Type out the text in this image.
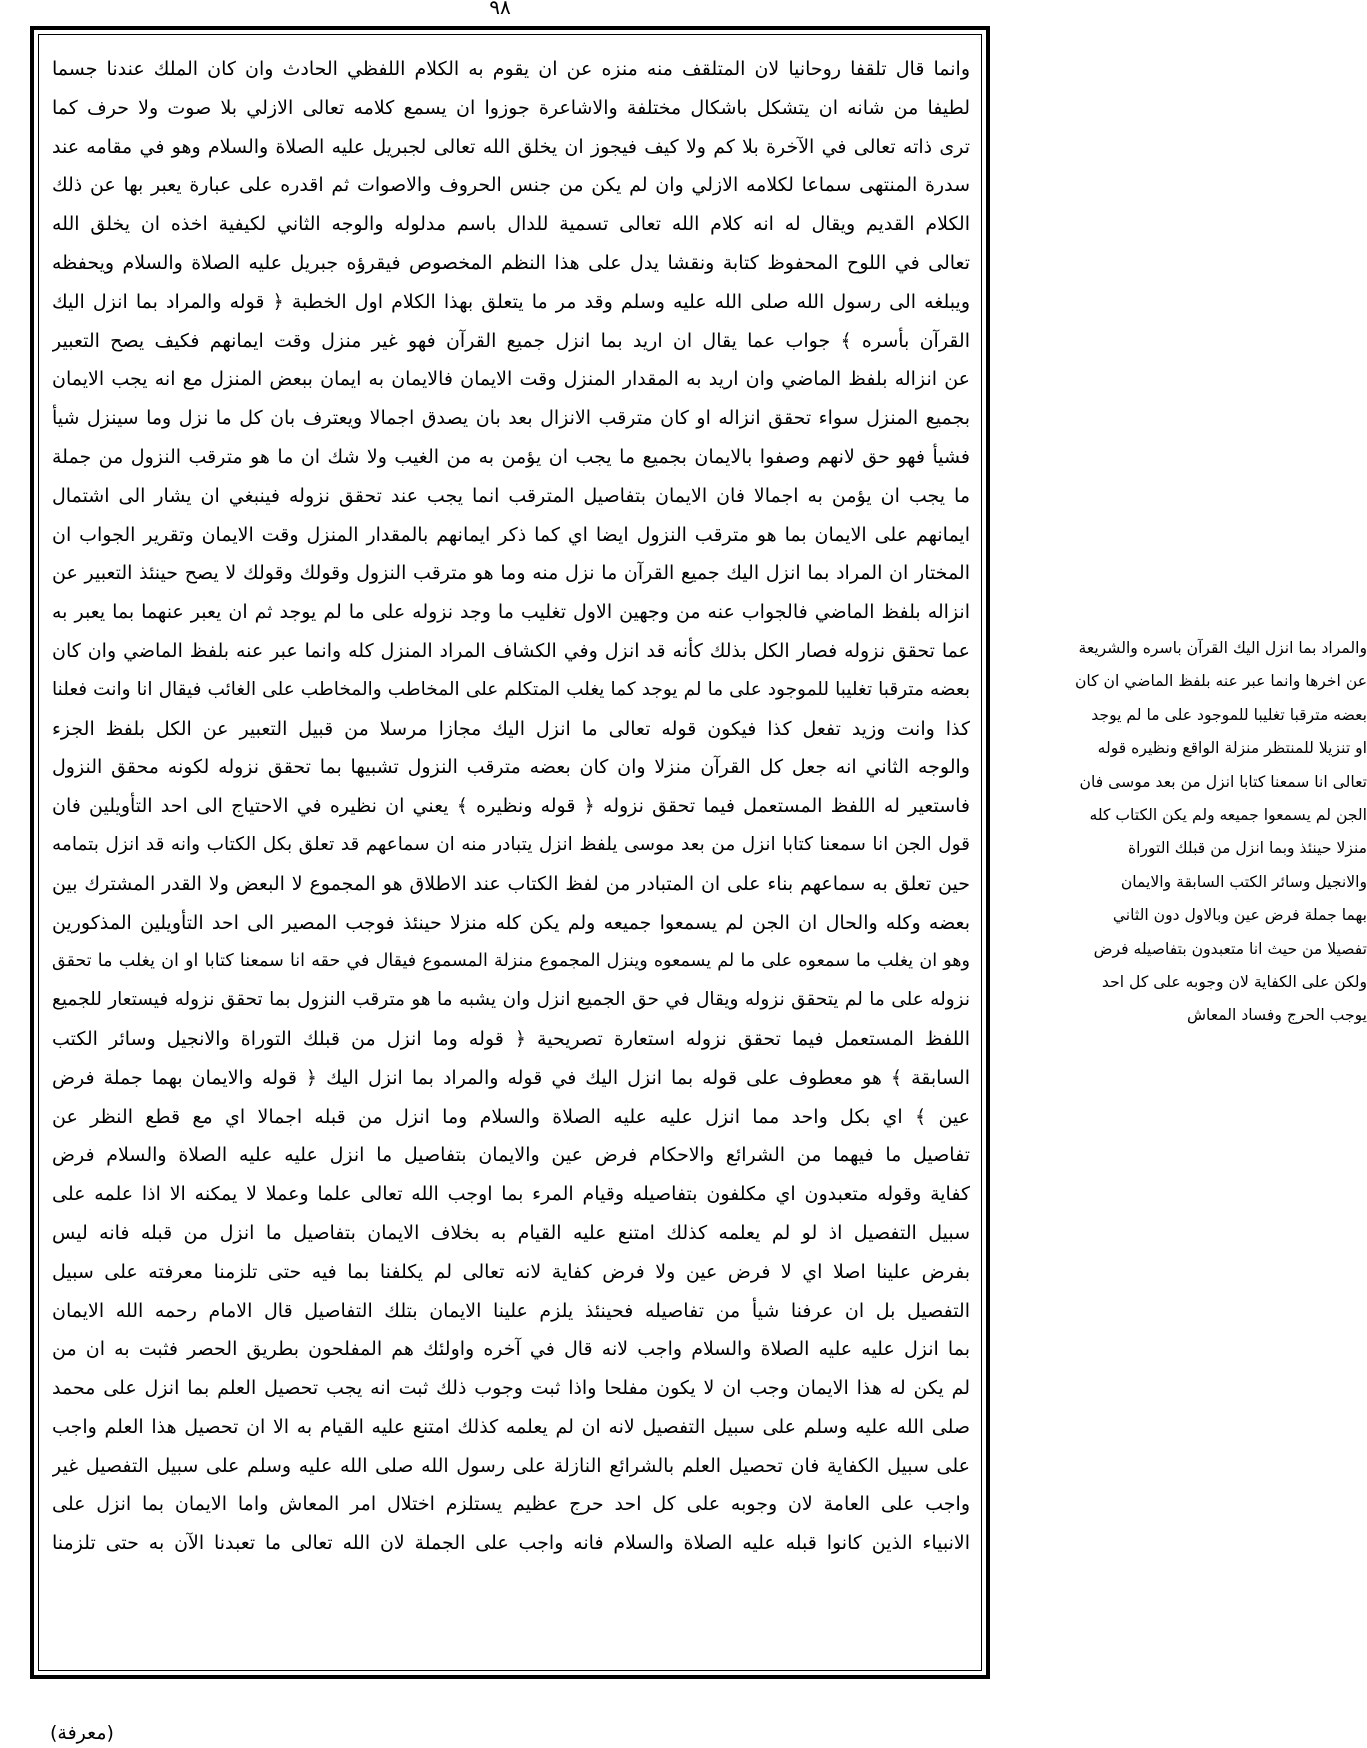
۹۸
وانما قال تلقفا روحانيا لان المتلقف منه منزه عن ان يقوم به الكلام اللفظي الحادث وان كان الملك عندنا جسما
لطيفا من شانه ان يتشكل باشكال مختلفة والاشاعرة جوزوا ان يسمع كلامه تعالى الازلي بلا صوت ولا حرف كما
ترى ذاته تعالى في الآخرة بلا كم ولا كيف فيجوز ان يخلق الله تعالى لجبريل عليه الصلاة والسلام وهو في مقامه عند
سدرة المنتهى سماعا لكلامه الازلي وان لم يكن من جنس الحروف والاصوات ثم اقدره على عبارة يعبر بها عن ذلك
الكلام القديم ويقال له انه كلام الله تعالى تسمية للدال باسم مدلوله والوجه الثاني لكيفية اخذه ان يخلق الله
تعالى في اللوح المحفوظ كتابة ونقشا يدل على هذا النظم المخصوص فيقرؤه جبريل عليه الصلاة والسلام ويحفظه
ويبلغه الى رسول الله صلى الله عليه وسلم وقد مر ما يتعلق بهذا الكلام اول الخطبة ﴿ قوله والمراد بما انزل اليك
القرآن بأسره ﴾ جواب عما يقال ان اريد بما انزل جميع القرآن فهو غير منزل وقت ايمانهم فكيف يصح التعبير
عن انزاله بلفظ الماضي وان اريد به المقدار المنزل وقت الايمان فالايمان به ايمان ببعض المنزل مع انه يجب الايمان
بجميع المنزل سواء تحقق انزاله او كان مترقب الانزال بعد بان يصدق اجمالا ويعترف بان كل ما نزل وما سينزل شيأ
فشيأ فهو حق لانهم وصفوا بالايمان بجميع ما يجب ان يؤمن به من الغيب ولا شك ان ما هو مترقب النزول من جملة
ما يجب ان يؤمن به اجمالا فان الايمان بتفاصيل المترقب انما يجب عند تحقق نزوله فينبغي ان يشار الى اشتمال
ايمانهم على الايمان بما هو مترقب النزول ايضا اي كما ذكر ايمانهم بالمقدار المنزل وقت الايمان وتقرير الجواب ان
المختار ان المراد بما انزل اليك جميع القرآن ما نزل منه وما هو مترقب النزول وقولك وقولك لا يصح حينئذ التعبير عن
انزاله بلفظ الماضي فالجواب عنه من وجهين الاول تغليب ما وجد نزوله على ما لم يوجد ثم ان يعبر عنهما بما يعبر به
عما تحقق نزوله فصار الكل بذلك كأنه قد انزل وفي الكشاف المراد المنزل كله وانما عبر عنه بلفظ الماضي وان كان
بعضه مترقبا تغليبا للموجود على ما لم يوجد كما يغلب المتكلم على المخاطب والمخاطب على الغائب فيقال انا وانت فعلنا
كذا وانت وزيد تفعل كذا فيكون قوله تعالى ما انزل اليك مجازا مرسلا من قبيل التعبير عن الكل بلفظ الجزء
والوجه الثاني انه جعل كل القرآن منزلا وان كان بعضه مترقب النزول تشبيها بما تحقق نزوله لكونه محقق النزول
فاستعير له اللفظ المستعمل فيما تحقق نزوله ﴿ قوله ونظيره ﴾ يعني ان نظيره في الاحتياج الى احد التأويلين فان
قول الجن انا سمعنا كتابا انزل من بعد موسى يلفظ انزل يتبادر منه ان سماعهم قد تعلق بكل الكتاب وانه قد انزل بتمامه
حين تعلق به سماعهم بناء على ان المتبادر من لفظ الكتاب عند الاطلاق هو المجموع لا البعض ولا القدر المشترك بين
بعضه وكله والحال ان الجن لم يسمعوا جميعه ولم يكن كله منزلا حينئذ فوجب المصير الى احد التأويلين المذكورين
وهو ان يغلب ما سمعوه على ما لم يسمعوه وينزل المجموع منزلة المسموع فيقال في حقه انا سمعنا كتابا او ان يغلب ما تحقق
نزوله على ما لم يتحقق نزوله ويقال في حق الجميع انزل وان يشبه ما هو مترقب النزول بما تحقق نزوله فيستعار للجميع
اللفظ المستعمل فيما تحقق نزوله استعارة تصريحية ﴿ قوله وما انزل من قبلك التوراة والانجيل وسائر الكتب
السابقة ﴾ هو معطوف على قوله بما انزل اليك في قوله والمراد بما انزل اليك ﴿ قوله والايمان بهما جملة فرض
عين ﴾ اي بكل واحد مما انزل عليه عليه الصلاة والسلام وما انزل من قبله اجمالا اي مع قطع النظر عن
تفاصيل ما فيهما من الشرائع والاحكام فرض عين والايمان بتفاصيل ما انزل عليه عليه الصلاة والسلام فرض
كفاية وقوله متعبدون اي مكلفون بتفاصيله وقيام المرء بما اوجب الله تعالى علما وعملا لا يمكنه الا اذا علمه على
سبيل التفصيل اذ لو لم يعلمه كذلك امتنع عليه القيام به بخلاف الايمان بتفاصيل ما انزل من قبله فانه ليس
بفرض علينا اصلا اي لا فرض عين ولا فرض كفاية لانه تعالى لم يكلفنا بما فيه حتى تلزمنا معرفته على سبيل
التفصيل بل ان عرفنا شيأ من تفاصيله فحينئذ يلزم علينا الايمان بتلك التفاصيل قال الامام رحمه الله الايمان
بما انزل عليه عليه الصلاة والسلام واجب لانه قال في آخره واولئك هم المفلحون بطريق الحصر فثبت به ان من
لم يكن له هذا الايمان وجب ان لا يكون مفلحا واذا ثبت وجوب ذلك ثبت انه يجب تحصيل العلم بما انزل على محمد
صلى الله عليه وسلم على سبيل التفصيل لانه ان لم يعلمه كذلك امتنع عليه القيام به الا ان تحصيل هذا العلم واجب
على سبيل الكفاية فان تحصيل العلم بالشرائع النازلة على رسول الله صلى الله عليه وسلم على سبيل التفصيل غير
واجب على العامة لان وجوبه على كل احد حرج عظيم يستلزم اختلال امر المعاش واما الايمان بما انزل على
الانبياء الذين كانوا قبله عليه الصلاة والسلام فانه واجب على الجملة لان الله تعالى ما تعبدنا الآن به حتى تلزمنا
والمراد بما انزل اليك القرآن باسره والشريعة
عن اخرها وانما عبر عنه بلفظ الماضي ان كان
بعضه مترقبا تغليبا للموجود على ما لم يوجد
او تنزيلا للمنتظر منزلة الواقع ونظيره قوله
تعالى انا سمعنا كتابا انزل من بعد موسى فان
الجن لم يسمعوا جميعه ولم يكن الكتاب كله
منزلا حينئذ وبما انزل من قبلك التوراة
والانجيل وسائر الكتب السابقة والايمان
بهما جملة فرض عين وبالاول دون الثاني
تفصيلا من حيث انا متعبدون بتفاصيله فرض
ولكن على الكفاية لان وجوبه على كل احد
يوجب الحرج وفساد المعاش
(معرفة)
